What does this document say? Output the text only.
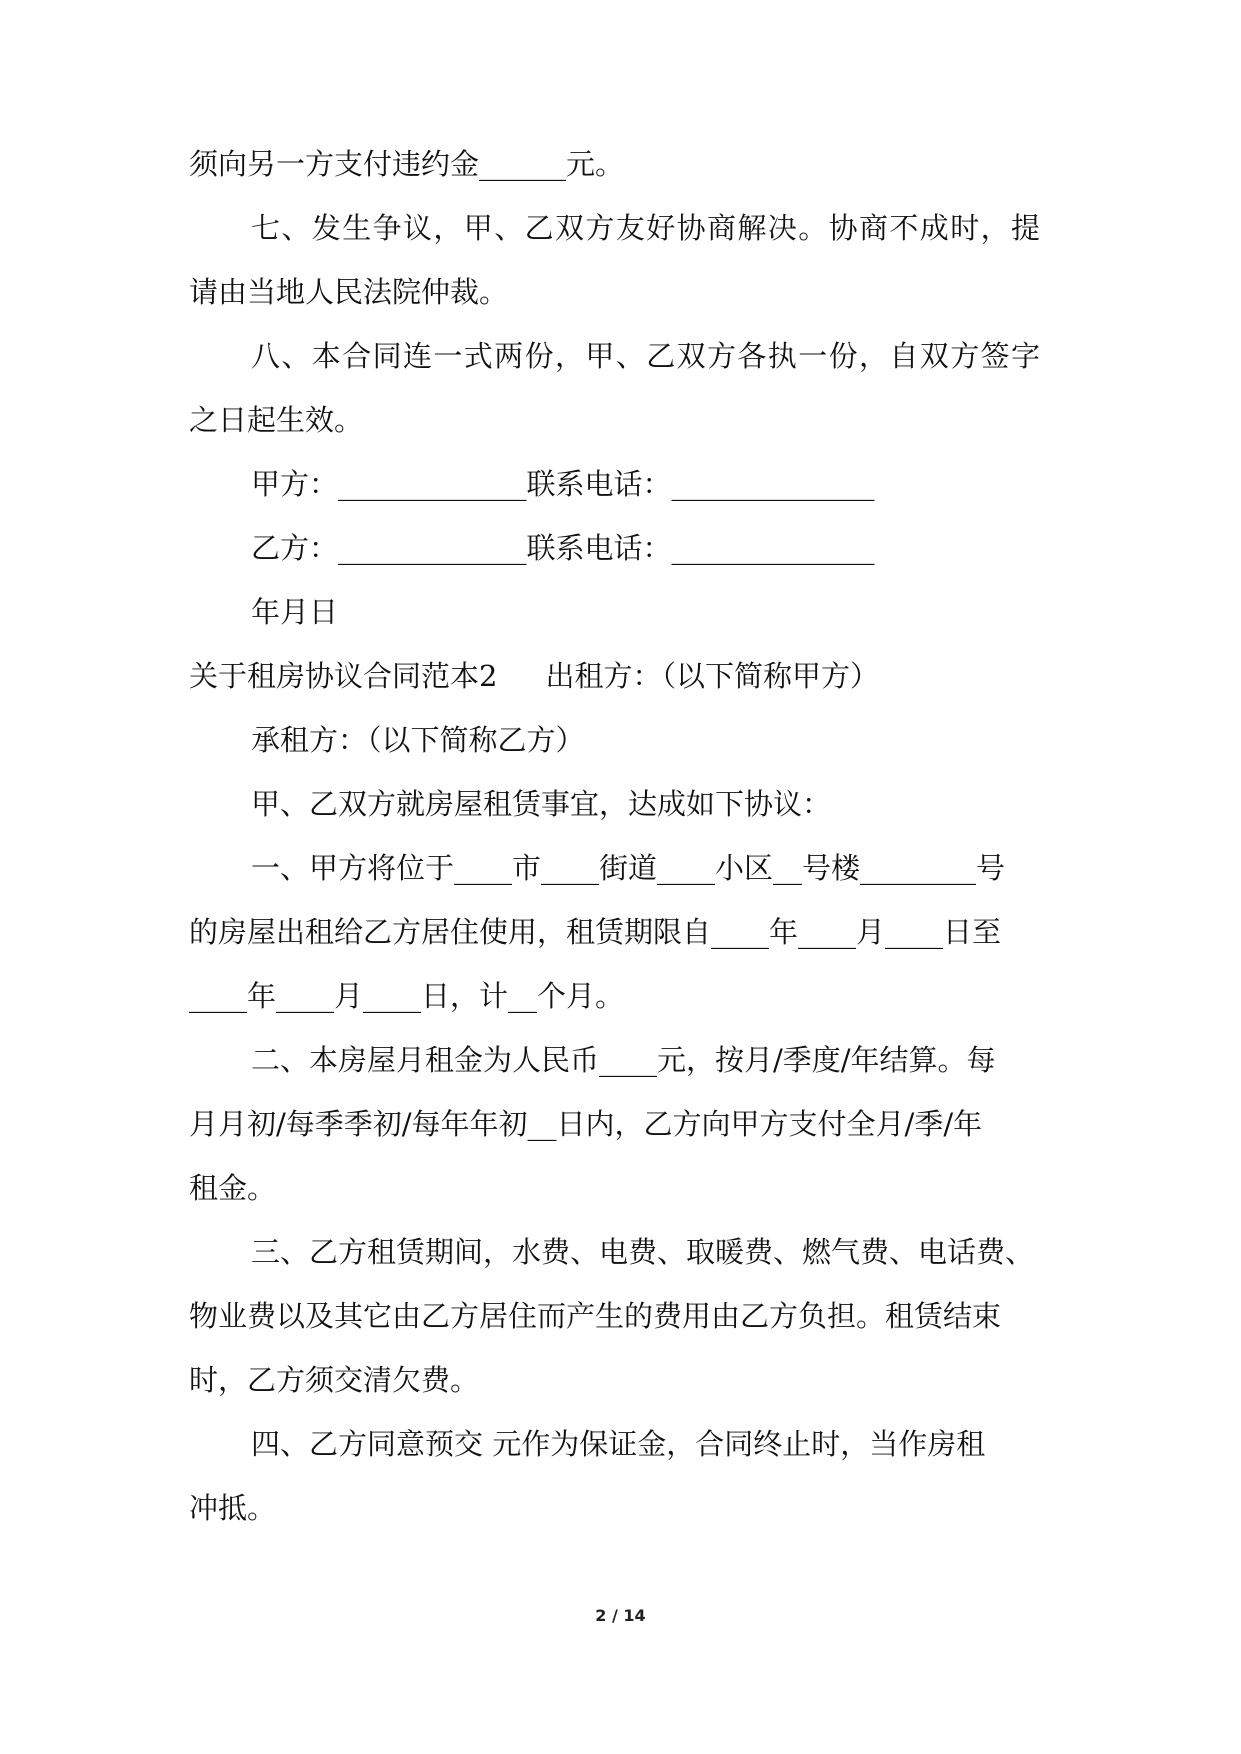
须向另一方支付违约金______元。
七、发生争议，甲、乙双方友好协商解决。协商不成时，提
请由当地人民法院仲裁。
八、本合同连一式两份，甲、乙双方各执一份，自双方签字
之日起生效。
甲方：_____________联系电话：______________
乙方：_____________联系电话：______________
年月日
关于租房协议合同范本2 出租方：（以下简称甲方）
承租方：（以下简称乙方）
甲、乙双方就房屋租赁事宜，达成如下协议：
一、甲方将位于____市____街道____小区__号楼________号
的房屋出租给乙方居住使用，租赁期限自____年____月____日至
____年____月____日，计__个月。
二、本房屋月租金为人民币____元，按月/季度/年结算。每
月月初/每季季初/每年年初__日内，乙方向甲方支付全月/季/年
租金。
三、乙方租赁期间，水费、电费、取暖费、燃气费、电话费、
物业费以及其它由乙方居住而产生的费用由乙方负担。租赁结束
时，乙方须交清欠费。
四、乙方同意预交 元作为保证金，合同终止时，当作房租
冲抵。
2 / 14
